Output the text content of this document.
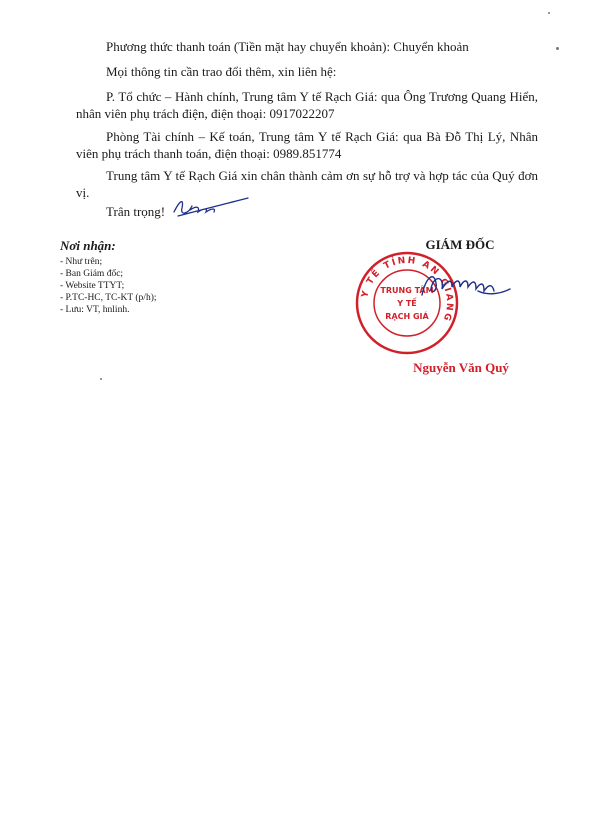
Phương thức thanh toán (Tiền mặt hay chuyển khoản): Chuyển khoản

Mọi thông tin cần trao đổi thêm, xin liên hệ:

P. Tổ chức – Hành chính, Trung tâm Y tế Rạch Giá: qua Ông Trương Quang Hiển, nhân viên phụ trách điện, điện thoại: 0917022207

Phòng Tài chính – Kế toán, Trung tâm Y tế Rạch Giá: qua Bà Đỗ Thị Lý, Nhân viên phụ trách thanh toán, điện thoại: 0989.851774

Trung tâm Y tế Rạch Giá xin chân thành cảm ơn sự hỗ trợ và hợp tác của Quý đơn vị.

Trân trọng!

Nơi nhận:

- Như trên;

- Ban Giám đốc;

- Website TTYT;

- P.TC-HC, TC-KT (p/h);

- Lưu: VT, hnlinh.

GIÁM ĐỐC
Y TẾ TỈNH AN GIANG
TRUNG TÂM
Y TẾ
RẠCH GIÁ
Nguyễn Văn Quý
